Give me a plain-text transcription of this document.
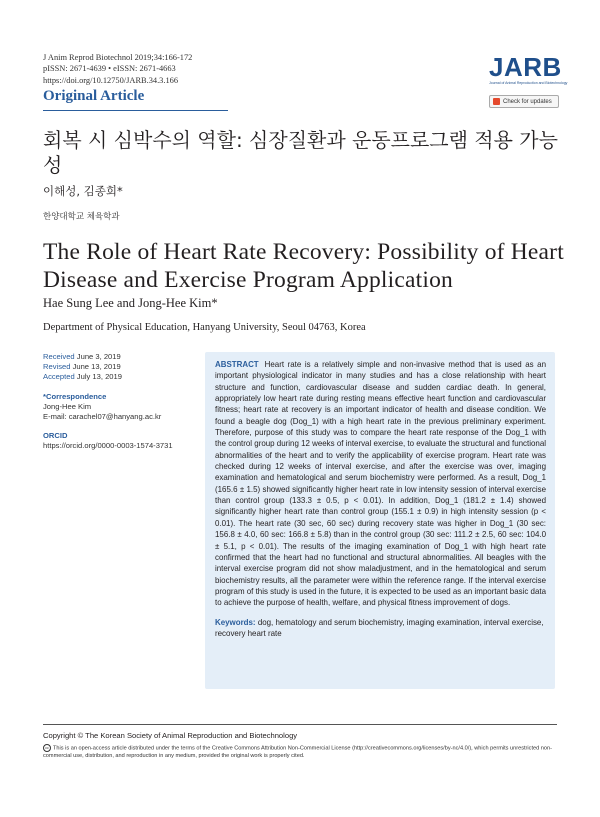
J Anim Reprod Biotechnol 2019;34:166-172
pISSN: 2671-4639 • eISSN: 2671-4663
https://doi.org/10.12750/JARB.34.3.166
Original Article
JARB
Journal of Animal Reproduction and Biotechnology
Check for updates
회복 시 심박수의 역할: 심장질환과 운동프로그램 적용 가능성
이해성, 김종희*
한양대학교 체육학과
The Role of Heart Rate Recovery: Possibility of Heart Disease and Exercise Program Application
Hae Sung Lee and Jong-Hee Kim*
Department of Physical Education, Hanyang University, Seoul 04763, Korea
Received June 3, 2019
Revised June 13, 2019
Accepted July 13, 2019
*Correspondence
Jong-Hee Kim
E-mail: carachel07@hanyang.ac.kr
ORCID
https://orcid.org/0000-0003-1574-3731
ABSTRACT Heart rate is a relatively simple and non-invasive method that is used as an important physiological indicator in many studies and has a close relationship with heart structure and function, cardiovascular disease and sudden cardiac death. In general, appropriately low heart rate during resting means effective heart function and cardiovascular fitness; heart rate at recovery is an important indicator of health and disease condition. We found a beagle dog (Dog_1) with a high heart rate in the previous preliminary experiment. Therefore, purpose of this study was to compare the heart rate response of the Dog_1 with the control group during 12 weeks of interval exercise, to evaluate the structural and functional abnormalities of the heart and to verify the applicability of exercise program. Heart rate was checked during 12 weeks of interval exercise, and after the exercise was over, imaging examination and hematological and serum biochemistry were performed. As a result, Dog_1 (165.6 ± 1.5) showed significantly higher heart rate in low intensity session of interval exercise than control group (133.3 ± 0.5, p < 0.01). In addition, Dog_1 (181.2 ± 1.4) showed significantly higher heart rate than control group (155.1 ± 0.9) in high intensity session (p < 0.01). The heart rate (30 sec, 60 sec) during recovery state was higher in Dog_1 (30 sec: 156.8 ± 4.0, 60 sec: 166.8 ± 5.8) than in the control group (30 sec: 111.2 ± 2.5, 60 sec: 104.0 ± 5.1, p < 0.01). The results of the imaging examination of Dog_1 with high heart rate confirmed that the heart had no functional and structural abnormalities. All beagles with the interval exercise program did not show maladjustment, and in the hematological and serum biochemistry results, all the parameter were within the reference range. If the interval exercise program of this study is used in the future, it is expected to be used as an important basic data to achieve the purpose of health, welfare, and physical fitness improvement of dogs.
Keywords: dog, hematology and serum biochemistry, imaging examination, interval exercise, recovery heart rate
Copyright © The Korean Society of Animal Reproduction and Biotechnology
cc This is an open-access article distributed under the terms of the Creative Commons Attribution Non-Commercial License (http://creativecommons.org/licenses/by-nc/4.0/), which permits unrestricted non-commercial use, distribution, and reproduction in any medium, provided the original work is properly cited.
